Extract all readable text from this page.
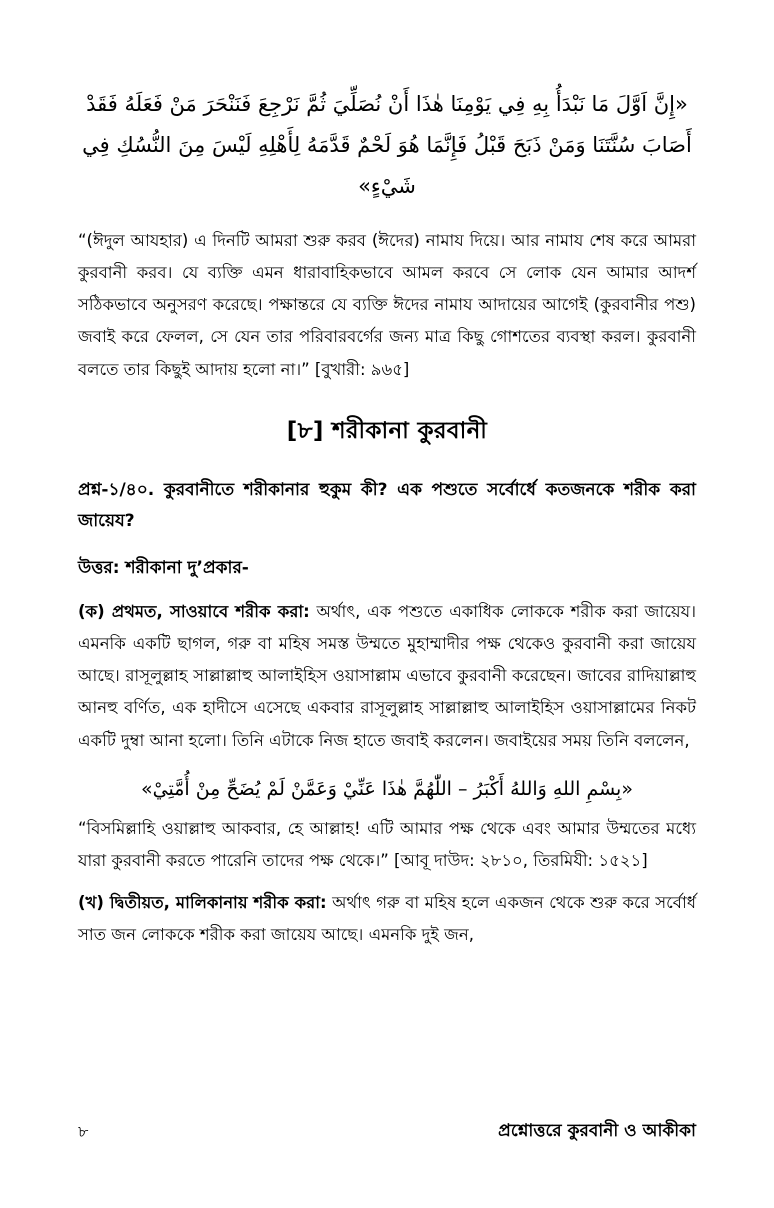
«إِنَّ اَوَّلَ مَا نَبْدَأُ بِهِ فِي يَوْمِنَا هٰذَا أَنْ نُصَلِّيَ ثُمَّ نَرْجِعَ فَنَنْحَرَ مَنْ فَعَلَهُ فَقَدْ أَصَابَ سُنَّتَنَا وَمَنْ ذَبَحَ قَبْلُ فَإِنَّمَا هُوَ لَحْمٌ قَدَّمَهُ لِأَهْلِهِ لَيْسَ مِنَ النُّسُكِ فِي شَيْءٍ»

“(ঈদুল আযহার) এ দিনটি আমরা শুরু করব (ঈদের) নামায দিয়ে। আর নামায শেষ করে আমরা কুরবানী করব। যে ব্যক্তি এমন ধারাবাহিকভাবে আমল করবে সে লোক যেন আমার আদর্শ সঠিকভাবে অনুসরণ করেছে। পক্ষান্তরে যে ব্যক্তি ঈদের নামায আদায়ের আগেই (কুরবানীর পশু) জবাই করে ফেলল, সে যেন তার পরিবারবর্গের জন্য মাত্র কিছু গোশতের ব্যবস্থা করল। কুরবানী বলতে তার কিছুই আদায় হলো না।” [বুখারী: ৯৬৫]

[৮] শরীকানা কুরবানী
প্রশ্ন-১/৪০. কুরবানীতে শরীকানার হুকুম কী? এক পশুতে সর্বোর্ধে কতজনকে শরীক করা জায়েয?
উত্তর: শরীকানা দু’প্রকার-
(ক) প্রথমত, সাওয়াবে শরীক করা: অর্থাৎ, এক পশুতে একাধিক লোককে শরীক করা জায়েয। এমনকি একটি ছাগল, গরু বা মহিষ সমস্ত উম্মতে মুহাম্মাদীর পক্ষ থেকেও কুরবানী করা জায়েয আছে। রাসূলুল্লাহ সাল্লাল্লাহু আলাইহিস ওয়াসাল্লাম এভাবে কুরবানী করেছেন। জাবের রাদিয়াল্লাহু আনহু বর্ণিত, এক হাদীসে এসেছে একবার রাসূলুল্লাহ সাল্লাল্লাহু আলাইহিস ওয়াসাল্লামের নিকট একটি দুম্বা আনা হলো। তিনি এটাকে নিজ হাতে জবাই করলেন। জবাইয়ের সময় তিনি বললেন,
«بِسْمِ اللهِ وَاللهُ أَكْبَرُ – اللّٰهُمَّ هٰذَا عَنِّيْ وَعَمَّنْ لَمْ يُضَحِّ مِنْ أُمَّتِيْ»

“বিসমিল্লাহি ওয়াল্লাহু আকবার, হে আল্লাহ! এটি আমার পক্ষ থেকে এবং আমার উম্মতের মধ্যে যারা কুরবানী করতে পারেনি তাদের পক্ষ থেকে।” [আবূ দাউদ: ২৮১০, তিরমিযী: ১৫২১]

(খ) দ্বিতীয়ত, মালিকানায় শরীক করা: অর্থাৎ গরু বা মহিষ হলে একজন থেকে শুরু করে সর্বোর্ধ সাত জন লোককে শরীক করা জায়েয আছে। এমনকি দুই জন,
৮	প্রশ্নোত্তরে কুরবানী ও আকীকা
